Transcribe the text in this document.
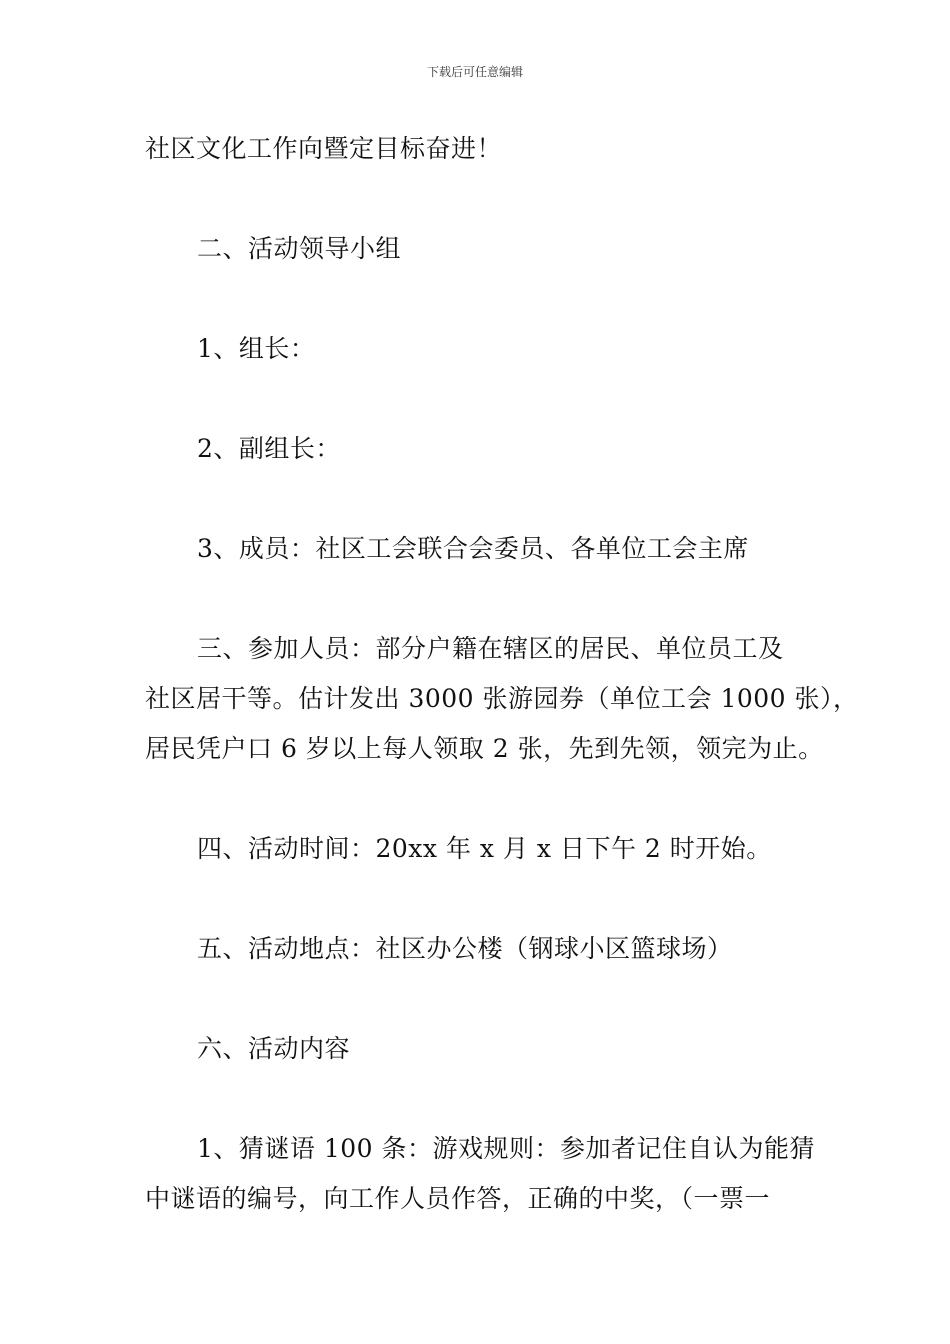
下载后可任意编辑

社区文化工作向暨定目标奋进！

二、活动领导小组

1、组长：

2、副组长：

3、成员：社区工会联合会委员、各单位工会主席

三、参加人员：部分户籍在辖区的居民、单位员工及

社区居干等。估计发出 3000 张游园券（单位工会 1000 张），

居民凭户口 6 岁以上每人领取 2 张，先到先领，领完为止。

四、活动时间：20xx 年 x 月 x 日下午 2 时开始。

五、活动地点：社区办公楼（钢球小区篮球场）

六、活动内容

1、猜谜语 100 条：游戏规则：参加者记住自认为能猜

中谜语的编号，向工作人员作答，正确的中奖，（一票一
